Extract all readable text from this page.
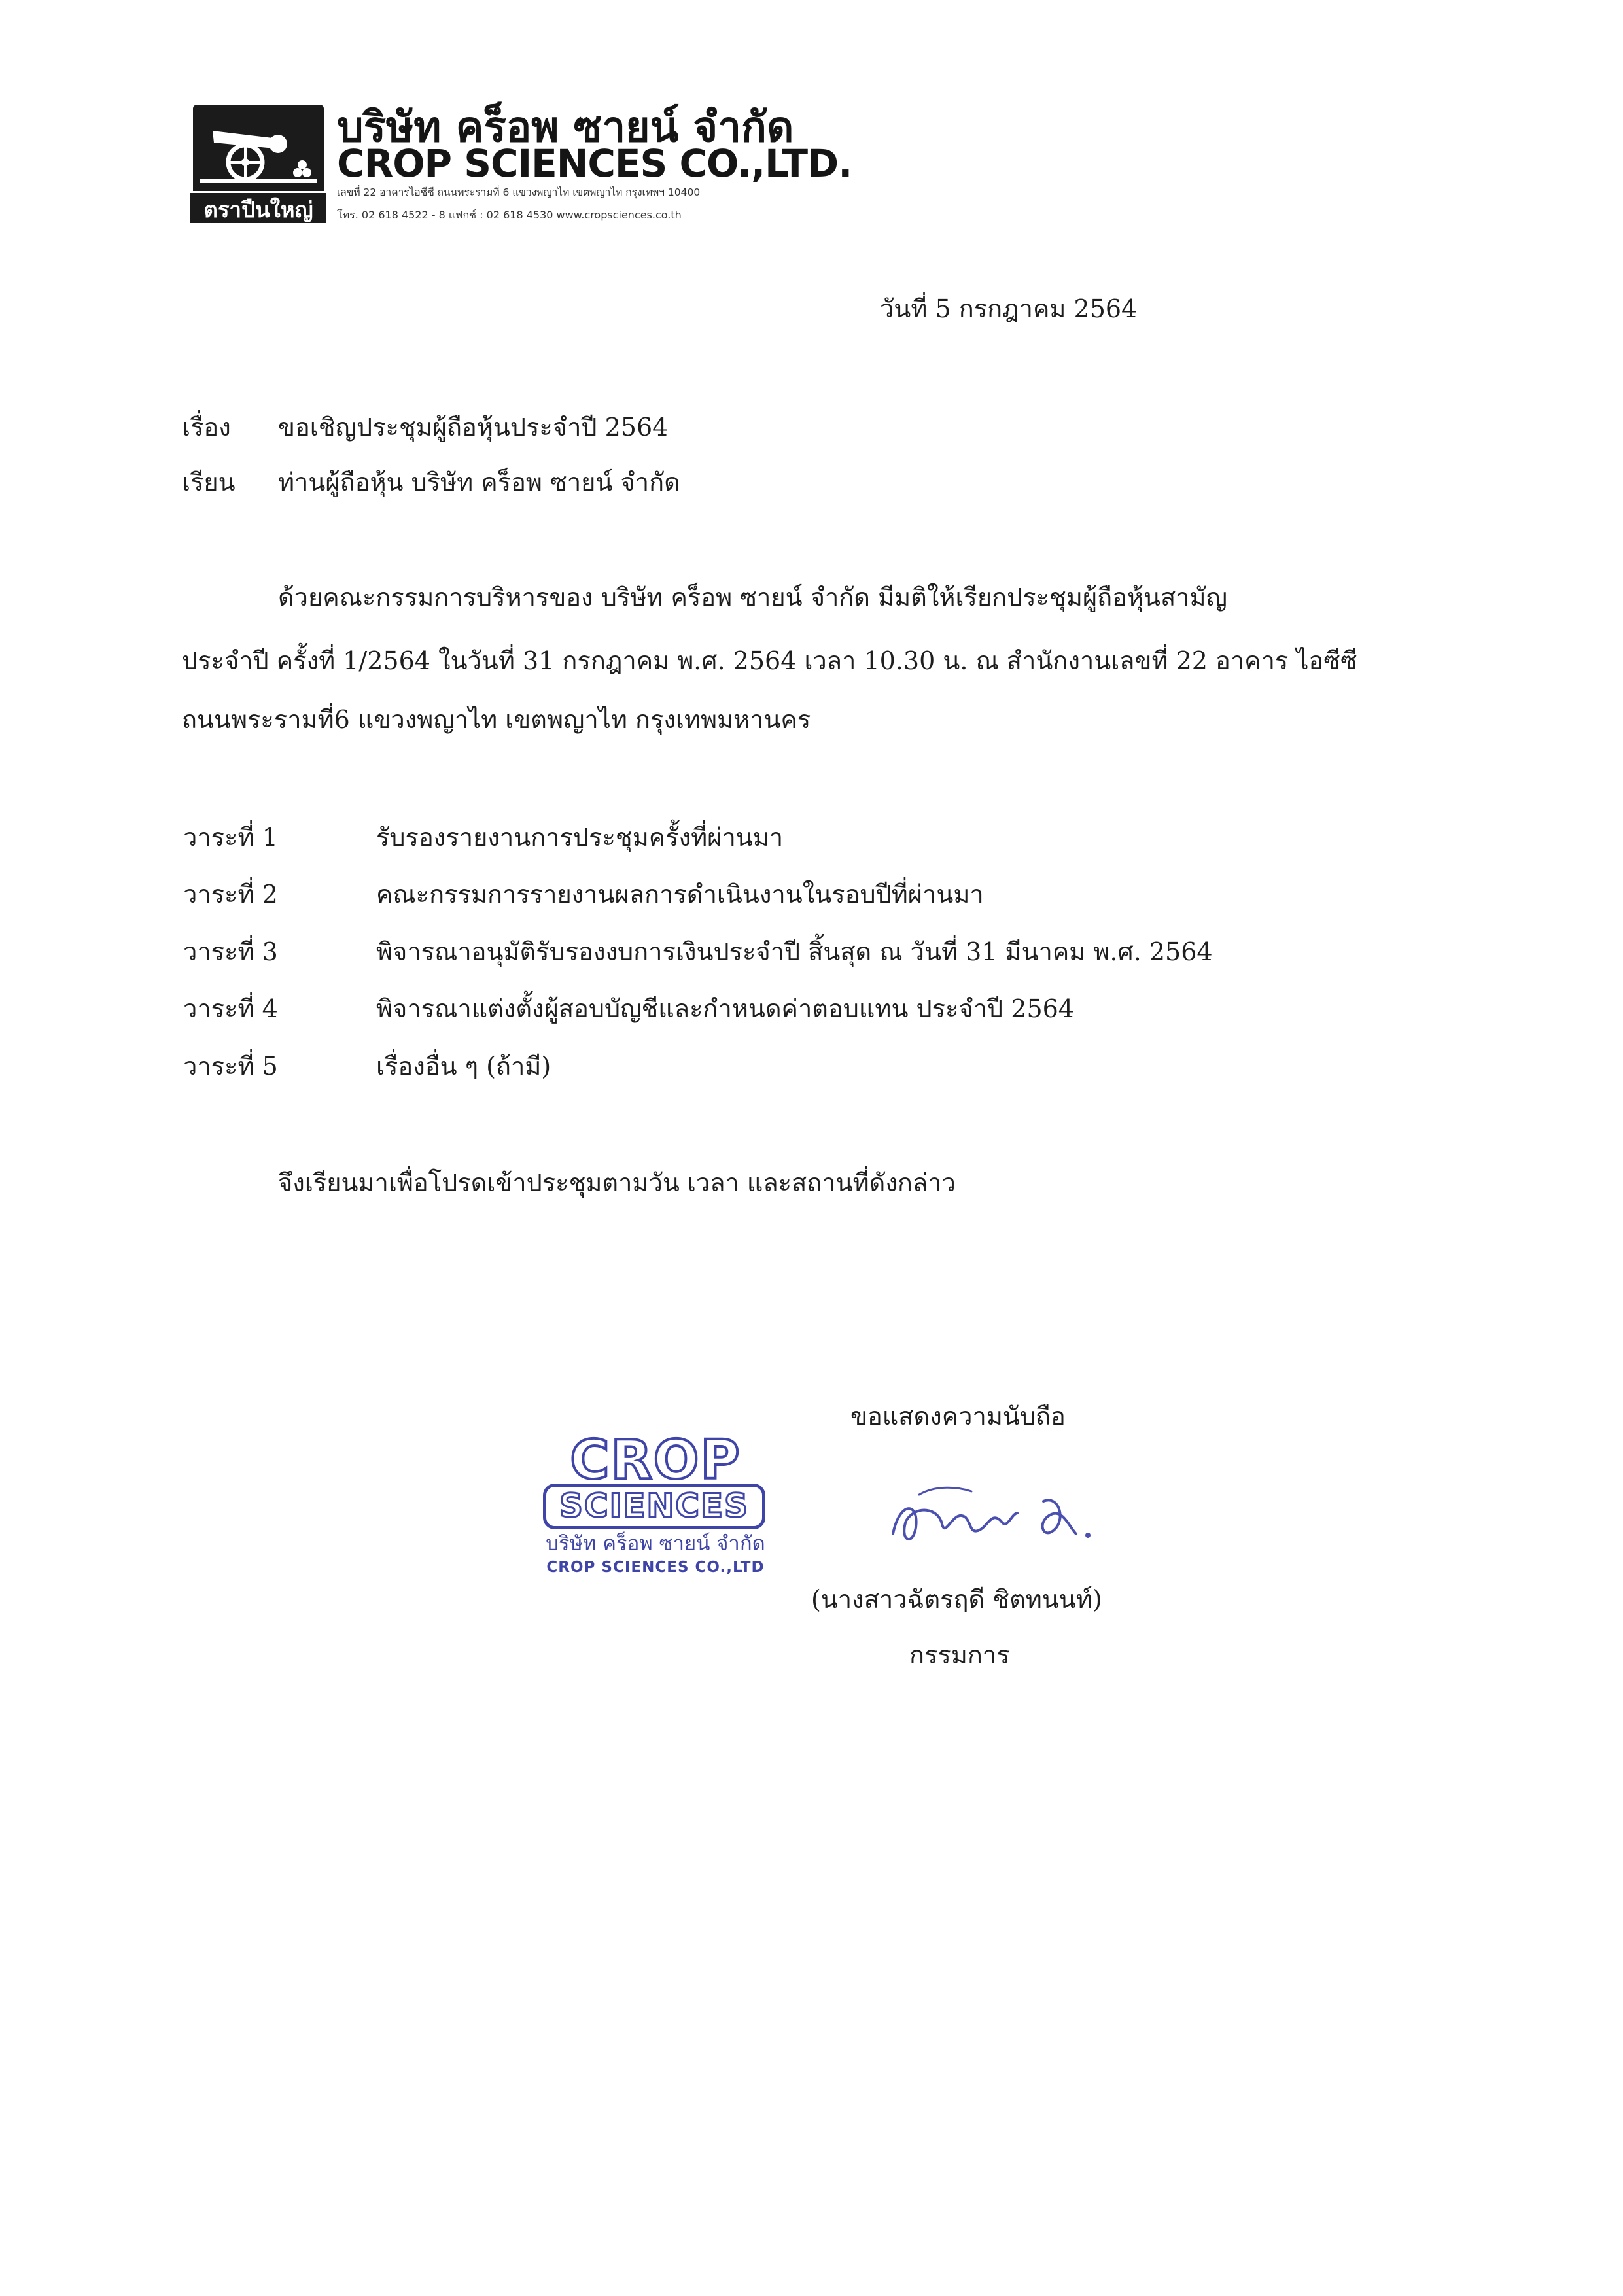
ตราปืนใหญ่
บริษัท คร็อพ ซายน์ จำกัด
CROP SCIENCES CO.,LTD.
เลขที่ 22 อาคารไอซีซี ถนนพระรามที่ 6 แขวงพญาไท เขตพญาไท กรุงเทพฯ 10400
โทร. 02 618 4522 - 8 แฟกซ์ : 02 618 4530 www.cropsciences.co.th
วันที่ 5 กรกฎาคม 2564
เรื่อง ขอเชิญประชุมผู้ถือหุ้นประจำปี 2564
เรียน ท่านผู้ถือหุ้น บริษัท คร็อพ ซายน์ จำกัด
ด้วยคณะกรรมการบริหารของ บริษัท คร็อพ ซายน์ จำกัด มีมติให้เรียกประชุมผู้ถือหุ้นสามัญ
ประจำปี ครั้งที่ 1/2564 ในวันที่ 31 กรกฎาคม พ.ศ. 2564 เวลา 10.30 น. ณ สำนักงานเลขที่ 22 อาคาร ไอซีซี
ถนนพระรามที่6 แขวงพญาไท เขตพญาไท กรุงเทพมหานคร
วาระที่ 1	รับรองรายงานการประชุมครั้งที่ผ่านมา
วาระที่ 2	คณะกรรมการรายงานผลการดำเนินงานในรอบปีที่ผ่านมา
วาระที่ 3	พิจารณาอนุมัติรับรองงบการเงินประจำปี สิ้นสุด ณ วันที่ 31 มีนาคม พ.ศ. 2564
วาระที่ 4	พิจารณาแต่งตั้งผู้สอบบัญชีและกำหนดค่าตอบแทน ประจำปี 2564
วาระที่ 5	เรื่องอื่น ๆ (ถ้ามี)
จึงเรียนมาเพื่อโปรดเข้าประชุมตามวัน เวลา และสถานที่ดังกล่าว
ขอแสดงความนับถือ
(นางสาวฉัตรฤดี ชิตทนนท์)
กรรมการ
CROP
SCIENCES
บริษัท คร็อพ ซายน์ จำกัด
CROP SCIENCES CO.,LTD
